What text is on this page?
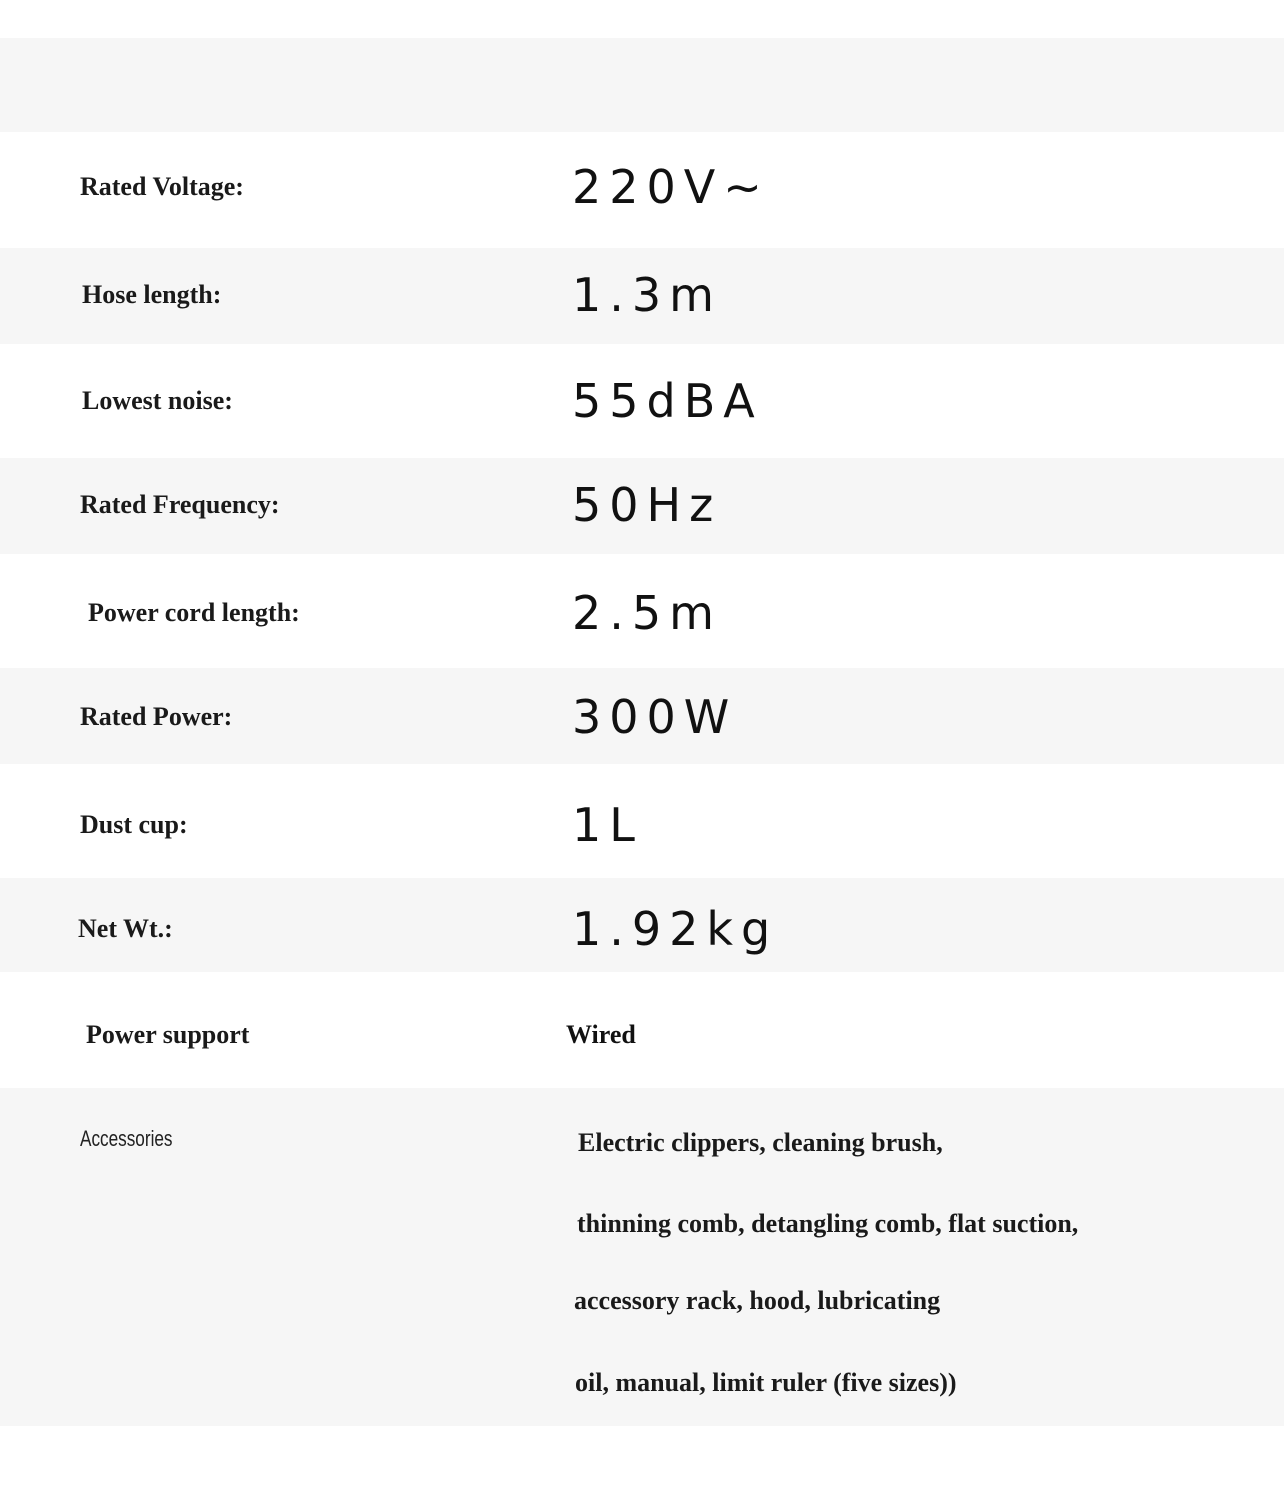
Rated Voltage:	220V~
Hose length:	1.3m
Lowest noise:	55dBA
Rated Frequency:	50Hz
Power cord length:	2.5m
Rated Power:	300W
Dust cup:	1L
Net Wt.:	1.92kg
Power support	Wired
Accessories	Electric clippers, cleaning brush,
thinning comb, detangling comb, flat suction,
accessory rack, hood, lubricating
oil, manual, limit ruler (five sizes))
